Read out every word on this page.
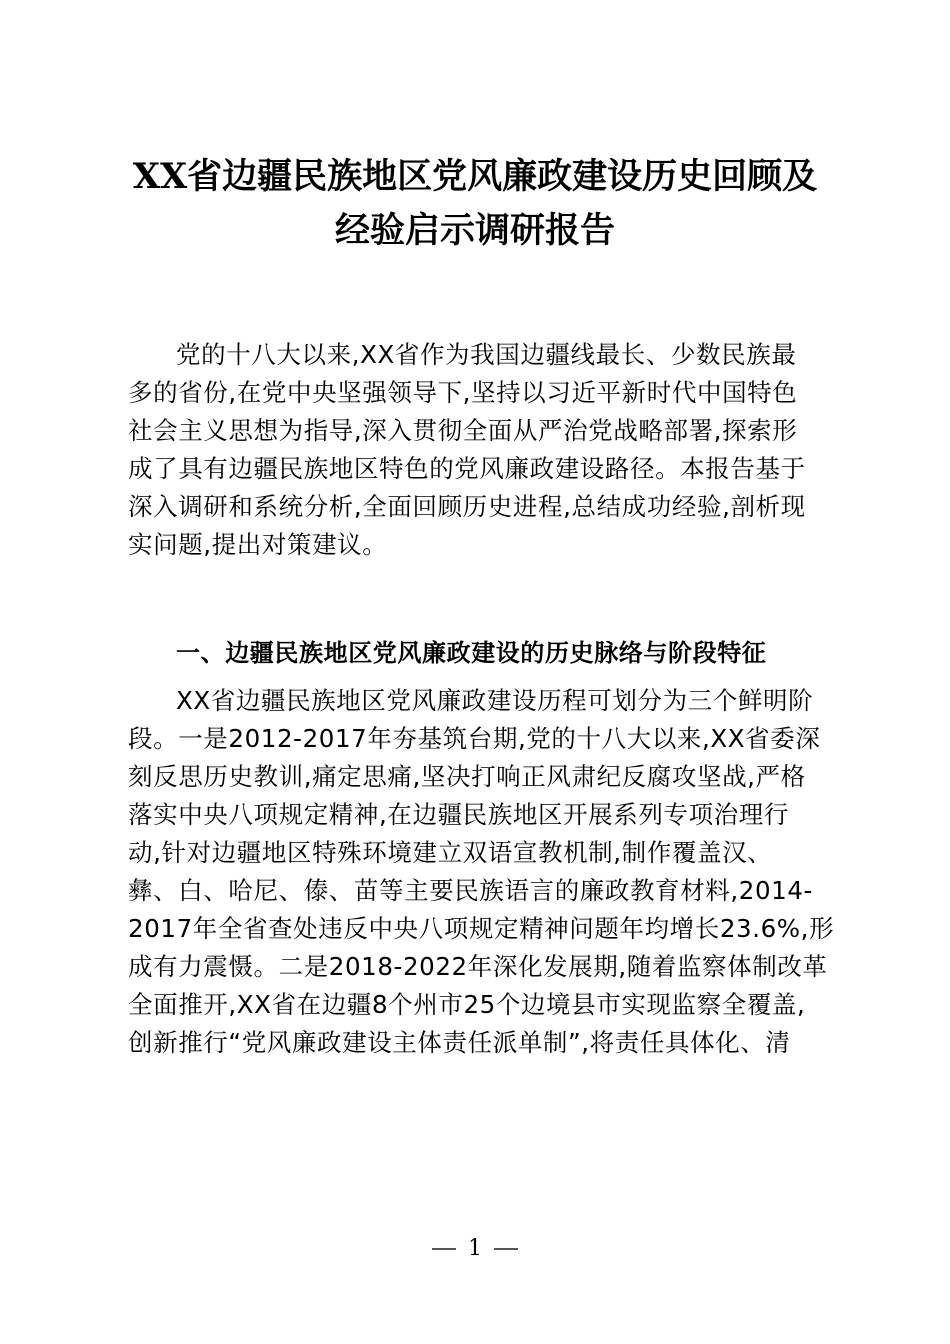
XX省边疆民族地区党风廉政建设历史回顾及
经验启示调研报告
党的十八大以来,XX省作为我国边疆线最长、少数民族最
多的省份,在党中央坚强领导下,坚持以习近平新时代中国特色
社会主义思想为指导,深入贯彻全面从严治党战略部署,探索形
成了具有边疆民族地区特色的党风廉政建设路径。本报告基于
深入调研和系统分析,全面回顾历史进程,总结成功经验,剖析现
实问题,提出对策建议。
一、边疆民族地区党风廉政建设的历史脉络与阶段特征
XX省边疆民族地区党风廉政建设历程可划分为三个鲜明阶
段。一是2012-2017年夯基筑台期,党的十八大以来,XX省委深
刻反思历史教训,痛定思痛,坚决打响正风肃纪反腐攻坚战,严格
落实中央八项规定精神,在边疆民族地区开展系列专项治理行
动,针对边疆地区特殊环境建立双语宣教机制,制作覆盖汉、
彝、白、哈尼、傣、苗等主要民族语言的廉政教育材料,2014-
2017年全省查处违反中央八项规定精神问题年均增长23.6%,形
成有力震慑。二是2018-2022年深化发展期,随着监察体制改革
全面推开,XX省在边疆8个州市25个边境县市实现监察全覆盖,
创新推行“党风廉政建设主体责任派单制”,将责任具体化、清
1
